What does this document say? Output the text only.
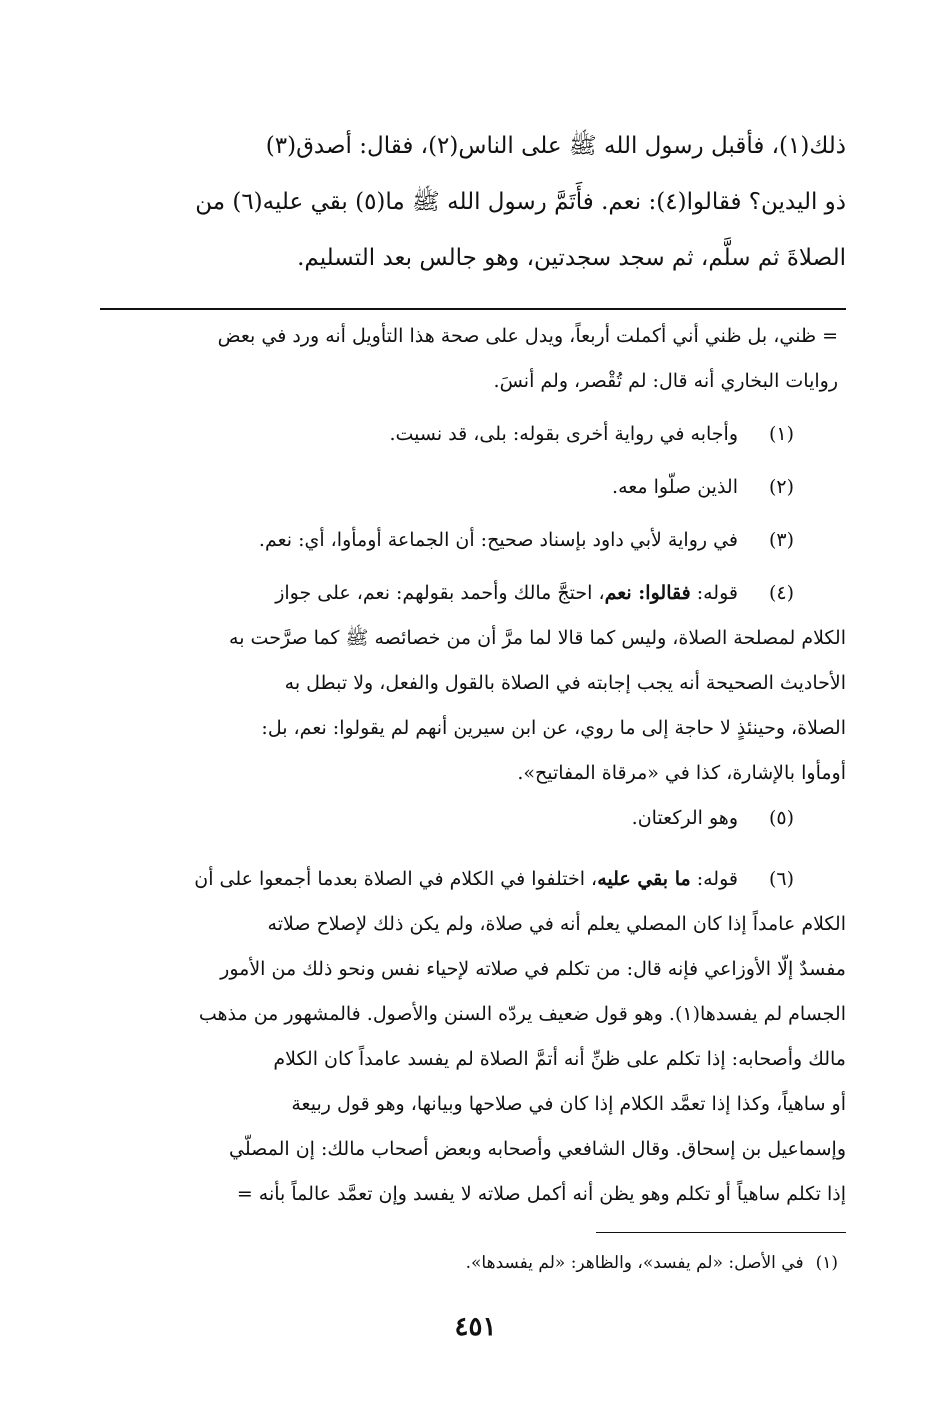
ذلك(١)، فأقبل رسول الله ﷺ على الناس(٢)، فقال: أصدق(٣)

ذو اليدين؟ فقالوا(٤): نعم. فأَتَمَّ رسول الله ﷺ ما(٥) بقي عليه(٦) من

الصلاةَ ثم سلَّم، ثم سجد سجدتين، وهو جالس بعد التسليم.

=ظني، بل ظني أني أكملت أربعاً، ويدل على صحة هذا التأويل أنه ورد في بعض

روايات البخاري أنه قال: لم تُقْصر، ولم أنسَ.

(١)وأجابه في رواية أخرى بقوله: بلى، قد نسيت.

(٢)الذين صلّوا معه.

(٣)في رواية لأبي داود بإسناد صحيح: أن الجماعة أومأوا، أي: نعم.

(٤)قوله: فقالوا: نعم، احتجَّ مالك وأحمد بقولهم: نعم، على جواز

الكلام لمصلحة الصلاة، وليس كما قالا لما مرَّ أن من خصائصه ﷺ كما صرَّحت به

الأحاديث الصحيحة أنه يجب إجابته في الصلاة بالقول والفعل، ولا تبطل به

الصلاة، وحينئذٍ لا حاجة إلى ما روي، عن ابن سيرين أنهم لم يقولوا: نعم، بل:

أومأوا بالإشارة، كذا في «مرقاة المفاتيح».

(٥)وهو الركعتان.

(٦)قوله: ما بقي عليه، اختلفوا في الكلام في الصلاة بعدما أجمعوا على أن

الكلام عامداً إذا كان المصلي يعلم أنه في صلاة، ولم يكن ذلك لإصلاح صلاته

مفسدٌ إلّا الأوزاعي فإنه قال: من تكلم في صلاته لإحياء نفس ونحو ذلك من الأمور

الجسام لم يفسدها(١). وهو قول ضعيف يردّه السنن والأصول. فالمشهور من مذهب

مالك وأصحابه: إذا تكلم على ظنِّ أنه أتمَّ الصلاة لم يفسد عامداً كان الكلام

أو ساهياً، وكذا إذا تعمَّد الكلام إذا كان في صلاحها وبيانها، وهو قول ربيعة

وإسماعيل بن إسحاق. وقال الشافعي وأصحابه وبعض أصحاب مالك: إن المصلّي

إذا تكلم ساهياً أو تكلم وهو يظن أنه أكمل صلاته لا يفسد وإن تعمَّد عالماً بأنه =

(١)في الأصل: «لم يفسد»، والظاهر: «لم يفسدها».

٤٥١
